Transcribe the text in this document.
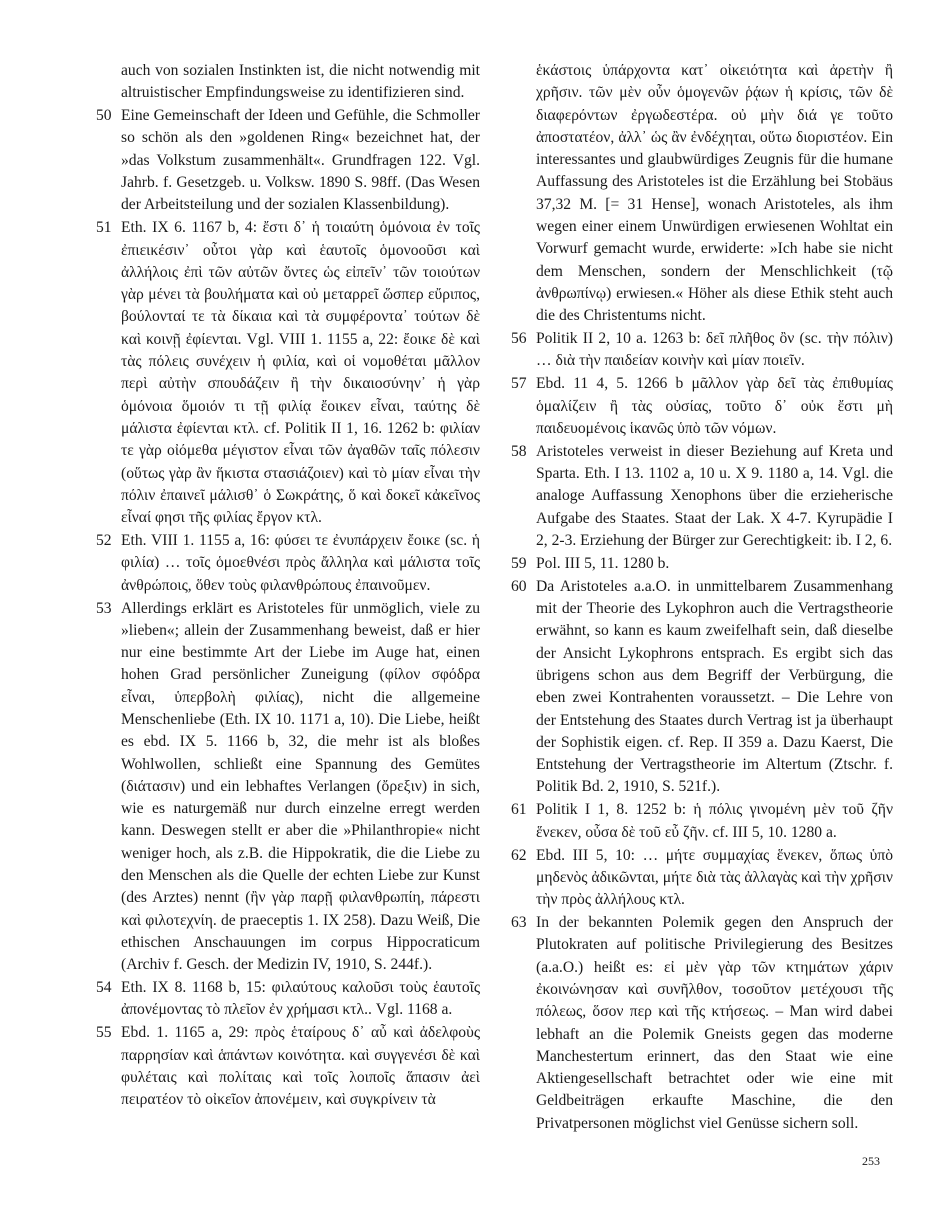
auch von sozialen Instinkten ist, die nicht notwendig mit altruistischer Empfindungsweise zu identifizieren sind.

50 Eine Gemeinschaft der Ideen und Gefühle, die Schmoller so schön als den »goldenen Ring« bezeichnet hat, der »das Volkstum zusammenhält«. Grundfragen 122. Vgl. Jahrb. f. Gesetzgeb. u. Volksw. 1890 S. 98ff. (Das Wesen der Arbeitsteilung und der sozialen Klassenbildung).

51 Eth. IX 6. 1167 b, 4: ἔστι δ᾽ ἡ τοιαύτη ὁμόνοια ἐν τοῖς ἐπιεικέσιν᾽ οὗτοι γὰρ καὶ ἑαυτοῖς ὁμονοοῦσι καὶ ἀλλήλοις ἐπὶ τῶν αὐτῶν ὄντες ὡς εἰπεῖν᾽ τῶν τοιούτων γὰρ μένει τὰ βουλήματα καὶ οὐ μεταρρεῖ ὥσπερ εὔριπος, βούλονταί τε τὰ δίκαια καὶ τὰ συμφέροντα᾽ τούτων δὲ καὶ κοινῇ ἐφίενται. Vgl. VIII 1. 1155 a, 22: ἔοικε δὲ καὶ τὰς πόλεις συνέχειν ἡ φιλία, καὶ οἱ νομοθέται μᾶλλον περὶ αὐτὴν σπουδάζειν ἢ τὴν δικαιοσύνην᾽ ἡ γὰρ ὁμόνοια ὅμοιόν τι τῇ φιλίᾳ ἔοικεν εἶναι, ταύτης δὲ μάλιστα ἐφίενται κτλ. cf. Politik II 1, 16. 1262 b: φιλίαν τε γὰρ οἰόμεθα μέγιστον εἶναι τῶν ἀγαθῶν ταῖς πόλεσιν (οὕτως γὰρ ἂν ἥκιστα στασιάζοιεν) καὶ τὸ μίαν εἶναι τὴν πόλιν ἐπαινεῖ μάλισθ᾽ ὁ Σωκράτης, ὅ καὶ δοκεῖ κἀκεῖνος εἶναί φησι τῆς φιλίας ἔργον κτλ.

52 Eth. VIII 1. 1155 a, 16: φύσει τε ἐνυπάρχειν ἔοικε (sc. ἡ φιλία) … τοῖς ὁμοεθνέσι πρὸς ἄλληλα καὶ μάλιστα τοῖς ἀνθρώποις, ὅθεν τοὺς φιλανθρώπους ἐπαινοῦμεν.

53 Allerdings erklärt es Aristoteles für unmöglich, viele zu »lieben«; allein der Zusammenhang beweist, daß er hier nur eine bestimmte Art der Liebe im Auge hat, einen hohen Grad persönlicher Zuneigung (φίλον σφόδρα εἶναι, ὑπερβολὴ φιλίας), nicht die allgemeine Menschenliebe (Eth. IX 10. 1171 a, 10). Die Liebe, heißt es ebd. IX 5. 1166 b, 32, die mehr ist als bloßes Wohlwollen, schließt eine Spannung des Gemütes (διάτασιν) und ein lebhaftes Verlangen (ὄρεξιν) in sich, wie es naturgemäß nur durch einzelne erregt werden kann. Deswegen stellt er aber die »Philanthropie« nicht weniger hoch, als z.B. die Hippokratik, die die Liebe zu den Menschen als die Quelle der echten Liebe zur Kunst (des Arztes) nennt (ἢν γὰρ παρῇ φιλανθρωπίη, πάρεστι καὶ φιλοτεχνίη. de praeceptis 1. IX 258). Dazu Weiß, Die ethischen Anschauungen im corpus Hippocraticum (Archiv f. Gesch. der Medizin IV, 1910, S. 244f.).

54 Eth. IX 8. 1168 b, 15: φιλαύτους καλοῦσι τοὺς ἑαυτοῖς ἀπονέμοντας τὸ πλεῖον ἐν χρήμασι κτλ.. Vgl. 1168 a.

55 Ebd. 1. 1165 a, 29: πρὸς ἑταίρους δ᾽ αὖ καὶ ἀδελφοὺς παρρησίαν καὶ ἁπάντων κοινότητα. καὶ συγγενέσι δὲ καὶ φυλέταις καὶ πολίταις καὶ τοῖς λοιποῖς ἅπασιν ἀεὶ πειρατέον τὸ οἰκεῖον ἀπονέμειν, καὶ συγκρίνειν τὰ

ἑκάστοις ὑπάρχοντα κατ᾽ οἰκειότητα καὶ ἀρετὴν ἢ χρῆσιν. τῶν μὲν οὖν ὁμογενῶν ῥᾴων ἡ κρίσις, τῶν δὲ διαφερόντων ἐργωδεστέρα. οὐ μὴν διά γε τοῦτο ἀποστατέον, ἀλλ᾽ ὡς ἂν ἐνδέχηται, οὕτω διοριστέον. Ein interessantes und glaubwürdiges Zeugnis für die humane Auffassung des Aristoteles ist die Erzählung bei Stobäus 37,32 M. [= 31 Hense], wonach Aristoteles, als ihm wegen einer einem Unwürdigen erwiesenen Wohltat ein Vorwurf gemacht wurde, erwiderte: »Ich habe sie nicht dem Menschen, sondern der Menschlichkeit (τῷ ἀνθρωπίνῳ) erwiesen.« Höher als diese Ethik steht auch die des Christentums nicht.

56 Politik II 2, 10 a. 1263 b: δεῖ πλῆθος ὂν (sc. τὴν πόλιν) … διὰ τὴν παιδείαν κοινὴν καὶ μίαν ποιεῖν.

57 Ebd. 11 4, 5. 1266 b μᾶλλον γὰρ δεῖ τὰς ἐπιθυμίας ὁμαλίζειν ἢ τὰς οὐσίας, τοῦτο δ᾽ οὐκ ἔστι μὴ παιδευομένοις ἱκανῶς ὑπὸ τῶν νόμων.

58 Aristoteles verweist in dieser Beziehung auf Kreta und Sparta. Eth. I 13. 1102 a, 10 u. X 9. 1180 a, 14. Vgl. die analoge Auffassung Xenophons über die erzieherische Aufgabe des Staates. Staat der Lak. X 4-7. Kyrupädie I 2, 2-3. Erziehung der Bürger zur Gerechtigkeit: ib. I 2, 6.

59 Pol. III 5, 11. 1280 b.

60 Da Aristoteles a.a.O. in unmittelbarem Zusammenhang mit der Theorie des Lykophron auch die Vertragstheorie erwähnt, so kann es kaum zweifelhaft sein, daß dieselbe der Ansicht Lykophrons entsprach. Es ergibt sich das übrigens schon aus dem Begriff der Verbürgung, die eben zwei Kontrahenten voraussetzt. – Die Lehre von der Entstehung des Staates durch Vertrag ist ja überhaupt der Sophistik eigen. cf. Rep. II 359 a. Dazu Kaerst, Die Entstehung der Vertragstheorie im Altertum (Ztschr. f. Politik Bd. 2, 1910, S. 521f.).

61 Politik I 1, 8. 1252 b: ἡ πόλις γινομένη μὲν τοῦ ζῆν ἕνεκεν, οὖσα δὲ τοῦ εὖ ζῆν. cf. III 5, 10. 1280 a.

62 Ebd. III 5, 10: … μήτε συμμαχίας ἕνεκεν, ὅπως ὑπὸ μηδενὸς ἀδικῶνται, μήτε διὰ τὰς ἀλλαγὰς καὶ τὴν χρῆσιν τὴν πρὸς ἀλλήλους κτλ.

63 In der bekannten Polemik gegen den Anspruch der Plutokraten auf politische Privilegierung des Besitzes (a.a.O.) heißt es: εἰ μὲν γὰρ τῶν κτημάτων χάριν ἐκοινώνησαν καὶ συνῆλθον, τοσοῦτον μετέχουσι τῆς πόλεως, ὅσον περ καὶ τῆς κτήσεως. – Man wird dabei lebhaft an die Polemik Gneists gegen das moderne Manchestertum erinnert, das den Staat wie eine Aktiengesellschaft betrachtet oder wie eine mit Geldbeiträgen erkaufte Maschine, die den Privatpersonen möglichst viel Genüsse sichern soll.

253
